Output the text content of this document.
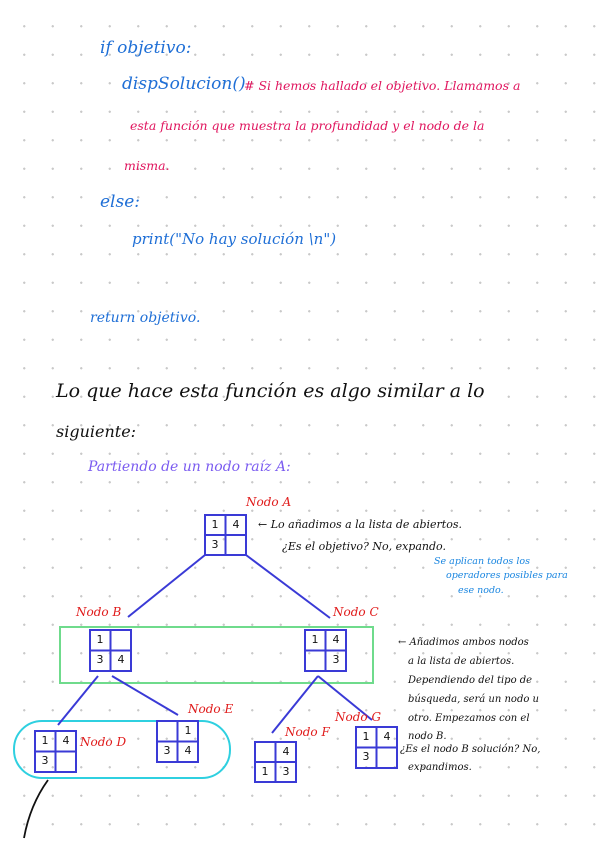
if objetivo:
dispSolucion()
# Si hemos hallado el objetivo. Llamamos a
esta función que muestra la profundidad y el nodo de la
misma.
else:
print("No hay solución \n")
return objetivo.
Lo que hace esta función es algo similar a lo
siguiente:
Partiendo de un nodo raíz A:
Nodo A
Nodo B	Nodo C
Nodo D
Nodo E
Nodo F
Nodo G
1	4
3
1
3	4
1	4
3
1	4
3
1
3	4	4
1	3
1	4
3
← Lo añadimos a la lista de abiertos.
¿Es el objetivo? No, expando.
Se aplican todos los
operadores posibles para
ese nodo.
← Añadimos ambos nodos
a la lista de abiertos.
Dependiendo del tipo de
búsqueda, será un nodo u
otro. Empezamos con el
nodo B.
¿Es el nodo B solución? No,
expandimos.
